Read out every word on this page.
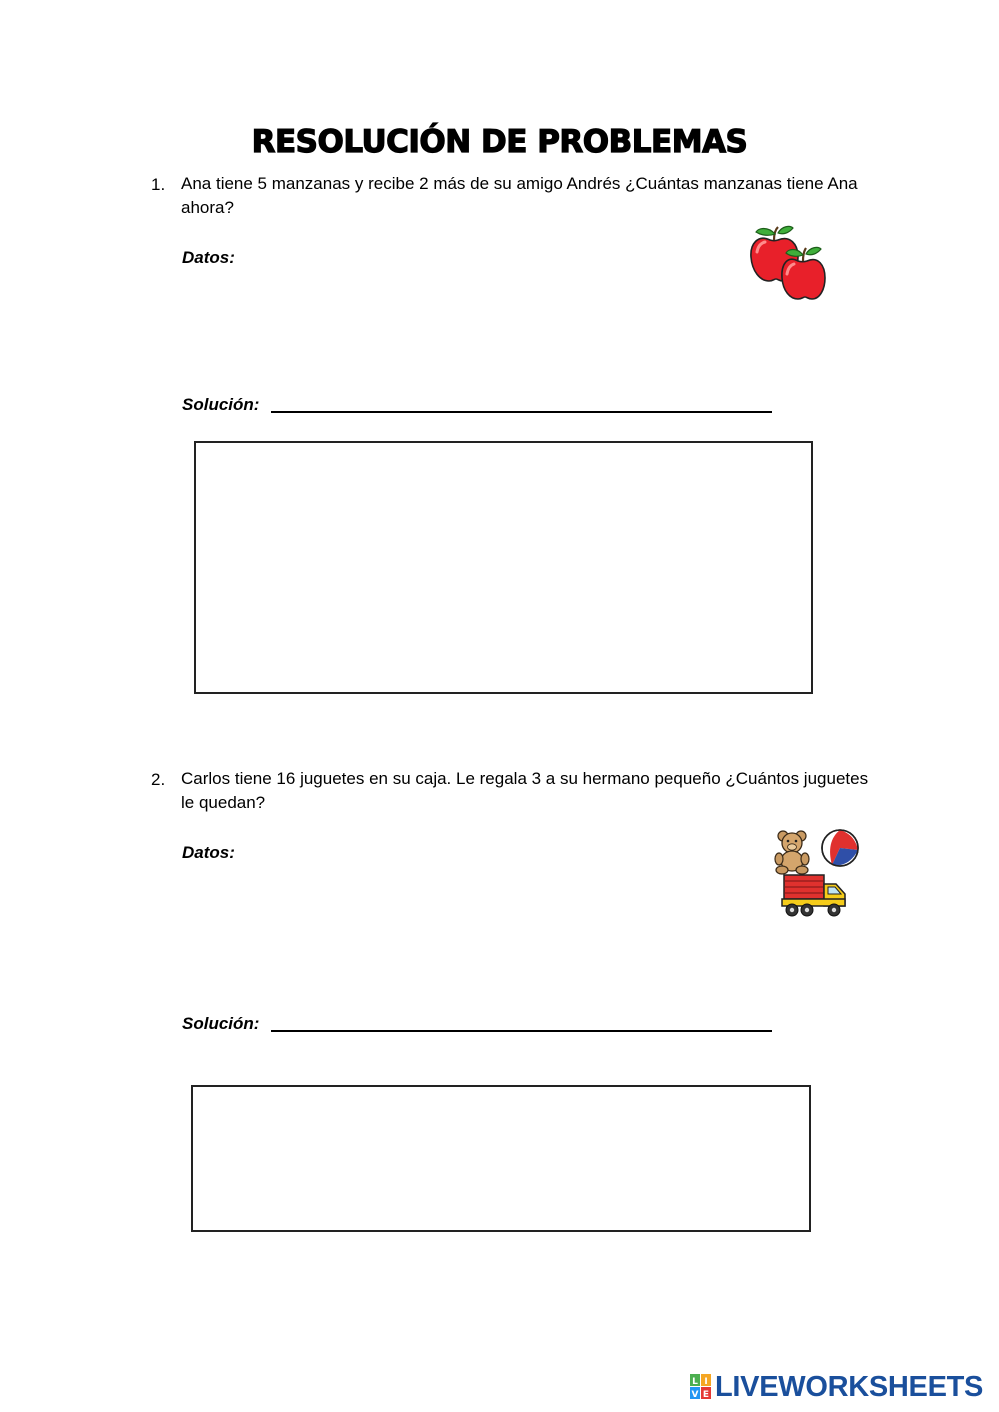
RESOLUCIÓN DE PROBLEMAS
1. Ana tiene 5 manzanas y recibe 2 más de su amigo Andrés ¿Cuántas manzanas tiene Ana ahora?
Datos:
Solución:
2. Carlos tiene 16 juguetes en su caja. Le regala 3 a su hermano pequeño ¿Cuántos juguetes le quedan?
Datos:
Solución:
L I
V E LIVEWORKSHEETS
